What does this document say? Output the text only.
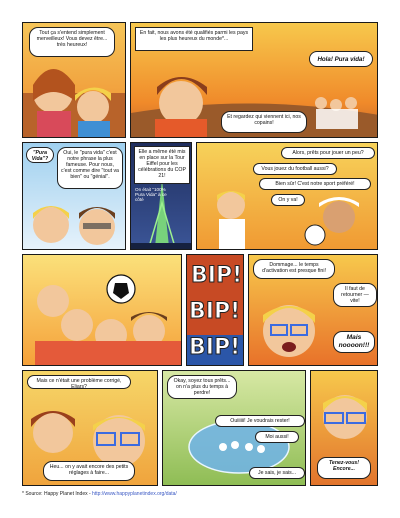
Tout ça s'entend simplement merveilleux! Vous devez être... très heureux!
En fait, nous avons été qualifiés parmi les pays les plus heureux du monde*...
Hola! Pura vida!
Et regardez qui viennent ici, nos copains!
"Pura Vida"?
Oui, le "pura vida" c'est notre phrase la plus fameuse. Pour nous, c'est comme dire "tout va bien" ou "génial".
Elle a même été mis en place sur la Tour Eiffel pour les célébrations du COP 21!
On était "100% Pura Vida" à ce côté
Alors, prêts pour jouer un peu?
Vous jouez du football aussi?
Bien sûr! C'est notre sport préféré!
On y va!
BIP!
BIP!
BIP!
Dommage... le temps d'activation est presque fini!
Il faut de retourner — vite!
Mais noooon!!!
Mais ce n'était une problème corrigé, Eliars?
Heu... on y avait encore des petits réglages à faire...
Okay, soyez tous prêts... on n'a plus du temps à perdre!
Ouiiiiii! Je voudrais rester!
Moi aussi!
Je sais, je sais...
Tenez-vous! Encore...
* Source: Happy Planet Index - http://www.happyplanetindex.org/data/
